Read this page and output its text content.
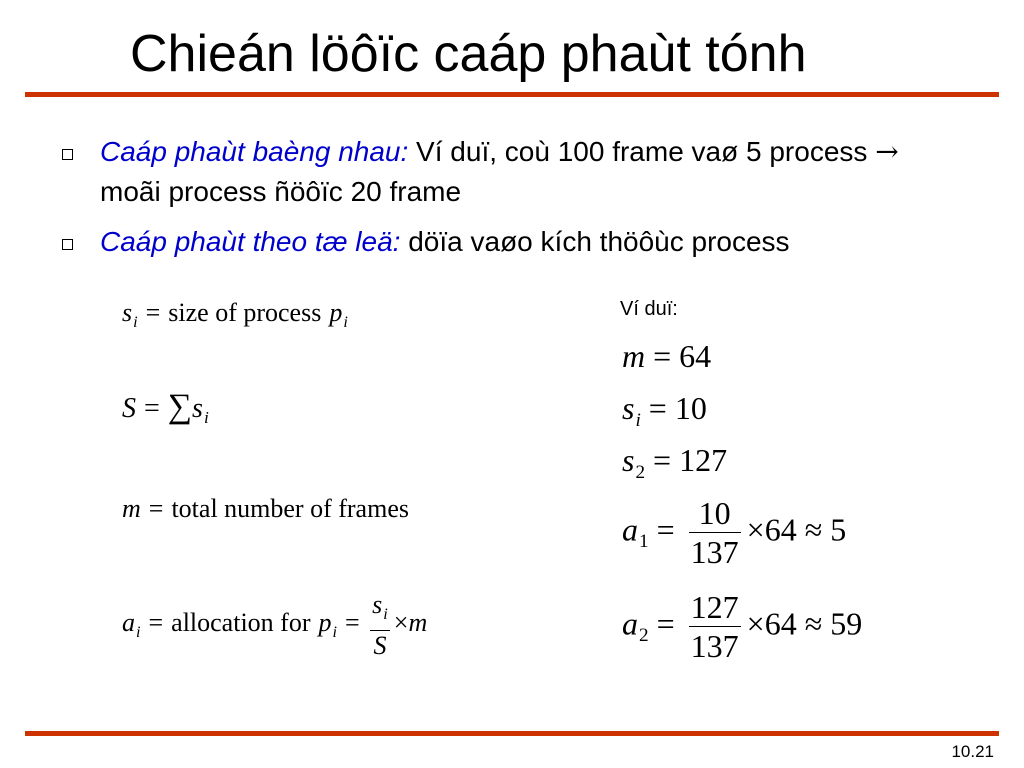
Chieán löôïc caáp phaùt tónh
Caáp phaùt baèng nhau: Ví duï, coù 100 frame vaø 5 process → moãi process ñöôïc 20 frame
Caáp phaùt theo tæ leä: döïa vaøo kích thöôùc process
$s_i$ = size of process $p_i$
$S = \sum s_i$
m = total number of frames
$a_i$ = allocation for $p_i = \frac{s_i}{S} \times m$
Ví duï:
m = 64
$s_i = 10$
$s_2 = 127$
$a_1 = \frac{10}{137} \times 64 \approx 5$
$a_2 = \frac{127}{137} \times 64 \approx 59$
10.21
